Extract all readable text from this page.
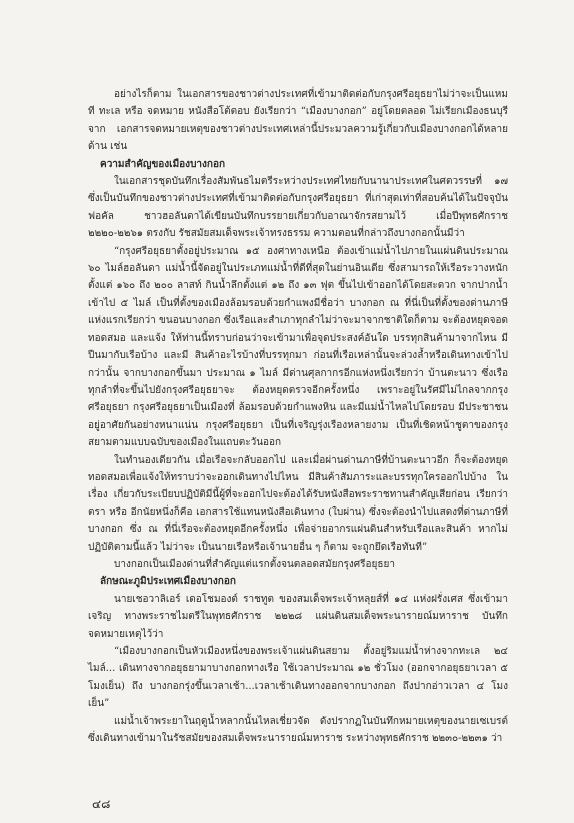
อย่างไรก็ตาม ในเอกสารของชาวต่างประเทศที่เข้ามาติดต่อกับกรุงศรีอยุธยาไม่ว่าจะเป็นแหมที ทะเล หรือ จดหมาย หนังสือโต้ตอบ ยังเรียกว่า “เมืองบางกอก” อยู่โดยตลอด ไม่เรียกเมืองธนบุรี จาก เอกสารจดหมายเหตุของชาวต่างประเทศเหล่านี้ประมวลความรู้เกี่ยวกับเมืองบางกอกได้หลายด้าน เช่น

ความสำคัญของเมืองบางกอก

ในเอกสารชุดบันทึกเรื่องสัมพันธไมตรีระหว่างประเทศไทยกับนานาประเทศในศตวรรษที่ ๑๗ ซึ่งเป็นบันทึกของชาวต่างประเทศที่เข้ามาติดต่อกับกรุงศรีอยุธยา ที่เก่าสุดเท่าที่สอบค้นได้ในปัจจุบันฟอคัล ชาวฮอลันดาได้เขียนบันทึกบรรยายเกี่ยวกับอาณาจักรสยามไว้ เมื่อปีพุทธศักราช ๒๒๒๐-๒๒๖๑ ตรงกับ รัชสมัยสมเด็จพระเจ้าทรงธรรม ความตอนที่กล่าวถึงบางกอกนั้นมีว่า

“กรุงศรีอยุธยาตั้งอยู่ประมาณ ๑๕ องศาทางเหนือ ต้องเข้าแม่น้ำไปภายในแผ่นดินประมาณ ๖๐ ไมล์ฮอลันดา แม่น้ำนี้จัดอยู่ในประเภทแม่น้ำที่ดีที่สุดในย่านอินเดีย ซึ่งสามารถให้เรือระวางหนักตั้งแต่ ๑๖๐ ถึง ๒๐๐ ลาสท์ กินน้ำลึกตั้งแต่ ๑๒ ถึง ๑๓ ฟุต ขึ้นไปเข้าออกได้โดยสะดวก จากปากน้ำเข้าไป ๕ ไมล์ เป็นที่ตั้งของเมืองล้อมรอบด้วยกำแพงมีชื่อว่า บางกอก ณ ที่นี่เป็นที่ตั้งของด่านภาษีแห่งแรกเรียกว่า ขนอนบางกอก ซึ่งเรือและสำเภาทุกลำไม่ว่าจะมาจากชาติใดก็ตาม จะต้องหยุดจอดทอดสมอ และแจ้ง ให้ท่านนี้ทราบก่อนว่าจะเข้ามาเพื่อจุดประสงค์อันใด บรรทุกสินค้ามาจากไหน มีปืนมากับเรือบ้าง และมี สินค้าอะไรบ้างที่บรรทุกมา ก่อนที่เรือเหล่านั้นจะล่วงล้ำหรือเดินทางเข้าไปกว่านั้น จากบางกอกขึ้นมา ประมาณ ๑ ไมล์ มีด่านศุลกากรอีกแห่งหนึ่งเรียกว่า บ้านตะนาว ซึ่งเรือทุกลำที่จะขึ้นไปยังกรุงศรีอยุธยาจะ ต้องหยุดตรวจอีกครั้งหนึ่ง เพราะอยู่ในรัศมีไม่ไกลจากกรุงศรีอยุธยา กรุงศรีอยุธยาเป็นเมืองที่ ล้อมรอบด้วยกำแพงหิน และมีแม่น้ำไหลไปโดยรอบ มีประชาชนอยู่อาศัยกันอย่างหนาแน่น กรุงศรีอยุธยา เป็นที่เจริญรุ่งเรืองหลายงาม เป็นที่เชิดหน้าชูตาของกรุงสยามตามแบบฉบับของเมืองในแถบตะวันออก

ในทำนองเดียวกัน เมื่อเรือจะกลับออกไป และเมื่อผ่านด่านภาษีที่บ้านตะนาวอีก ก็จะต้องหยุด ทอดสมอเพื่อแจ้งให้ทราบว่าจะออกเดินทางไปไหน มีสินค้าสัมภาระและบรรทุกใครออกไปบ้าง ในเรื่อง เกี่ยวกับระเบียบปฏิบัติมีนี้ผู้ที่จะออกไปจะต้องได้รับหนังสือพระราชทานสำคัญเสียก่อน เรียกว่า ตรา หรือ อีกนัยหนึ่งก็คือ เอกสารใช้แทนหนังสือเดินทาง (ใบผ่าน) ซึ่งจะต้องนำไปแสดงที่ด่านภาษีที่บางกอก ซึ่ง ณ ที่นี่เรือจะต้องหยุดอีกครั้งหนึ่ง เพื่อจ่ายอากรแผ่นดินสำหรับเรือและสินค้า หากไม่ปฏิบัติตามนี้แล้ว ไม่ว่าจะ เป็นนายเรือหรือเจ้านายอื่น ๆ ก็ตาม จะถูกยึดเรือทันที”

บางกอกเป็นเมืองด่านที่สำคัญแต่แรกตั้งจนตลอดสมัยกรุงศรีอยุธยา

ลักษณะภูมิประเทศเมืองบางกอก

นายเชอวาลิเอร์ เดอโชมองต์ ราชทูต ของสมเด็จพระเจ้าหลุยส์ที่ ๑๔ แห่งฝรั่งเศส ซึ่งเข้ามาเจริญ ทางพระราชไมตรีในพุทธศักราช ๒๒๒๘ แผ่นดินสมเด็จพระนารายณ์มหาราช บันทึกจดหมายเหตุไว้ว่า

“เมืองบางกอกเป็นหัวเมืองหนึ่งของพระเจ้าแผ่นดินสยาม ตั้งอยู่ริมแม่น้ำห่างจากทะเล ๒๔ ไมล์... เดินทางจากอยุธยามาบางกอกทางเรือ ใช้เวลาประมาณ ๑๒ ชั่วโมง (ออกจากอยุธยาเวลา ๕ โมงเย็น) ถึง บางกอกรุ่งขึ้นเวลาเช้า...เวลาเช้าเดินทางออกจากบางกอก ถึงปากอ่าวเวลา ๔ โมงเย็น”

แม่น้ำเจ้าพระยาในฤดูน้ำหลากนั้นไหลเชี่ยวจัด ดังปรากฏในบันทึกหมายเหตุของนายเซเบรต์ ซึ่งเดินทางเข้ามาในรัชสมัยของสมเด็จพระนารายณ์มหาราช ระหว่างพุทธศักราช ๒๒๓๐-๒๒๓๑ ว่า

๔๘
